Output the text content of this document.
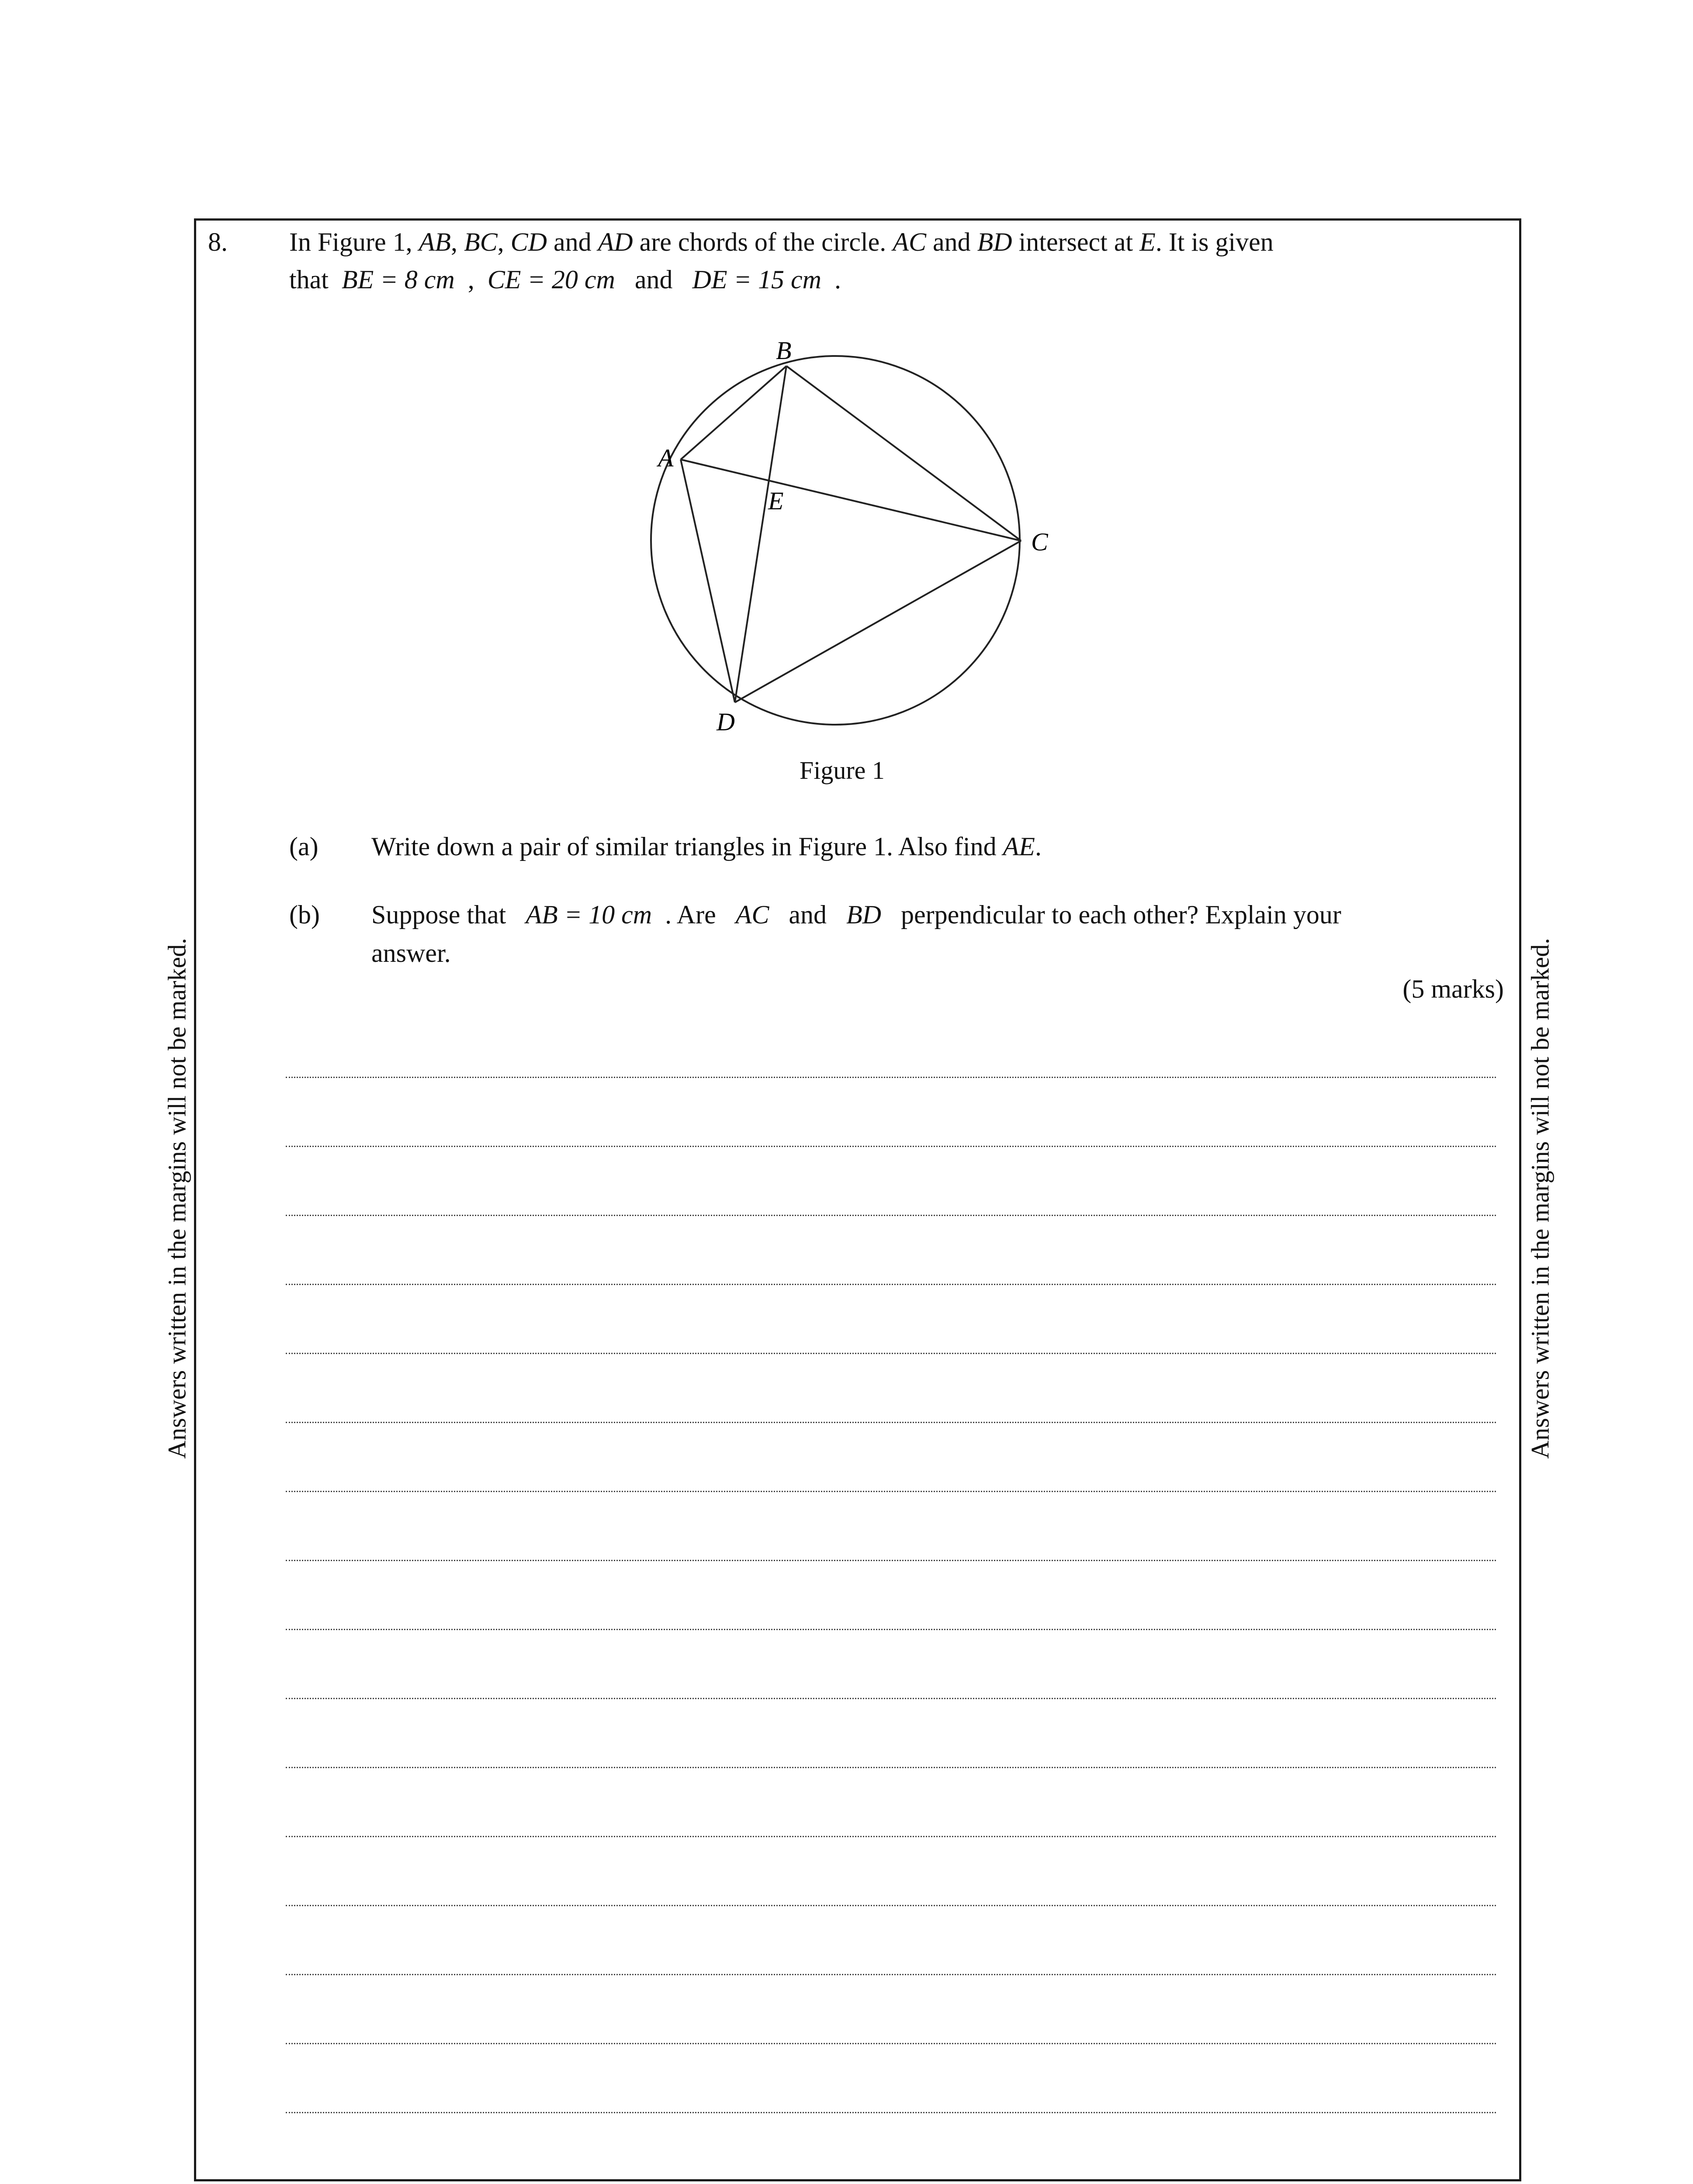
8. In Figure 1, AB, BC, CD and AD are chords of the circle. AC and BD intersect at E. It is given
that BE = 8 cm , CE = 20 cm and DE = 15 cm .
B
A
C
D
E
Figure 1
(a) Write down a pair of similar triangles in Figure 1. Also find AE.
(b) Suppose that AB = 10 cm . Are AC and BD perpendicular to each other? Explain your
answer.
(5 marks)
Answers written in the margins will not be marked.	Answers written in the margins will not be marked.
